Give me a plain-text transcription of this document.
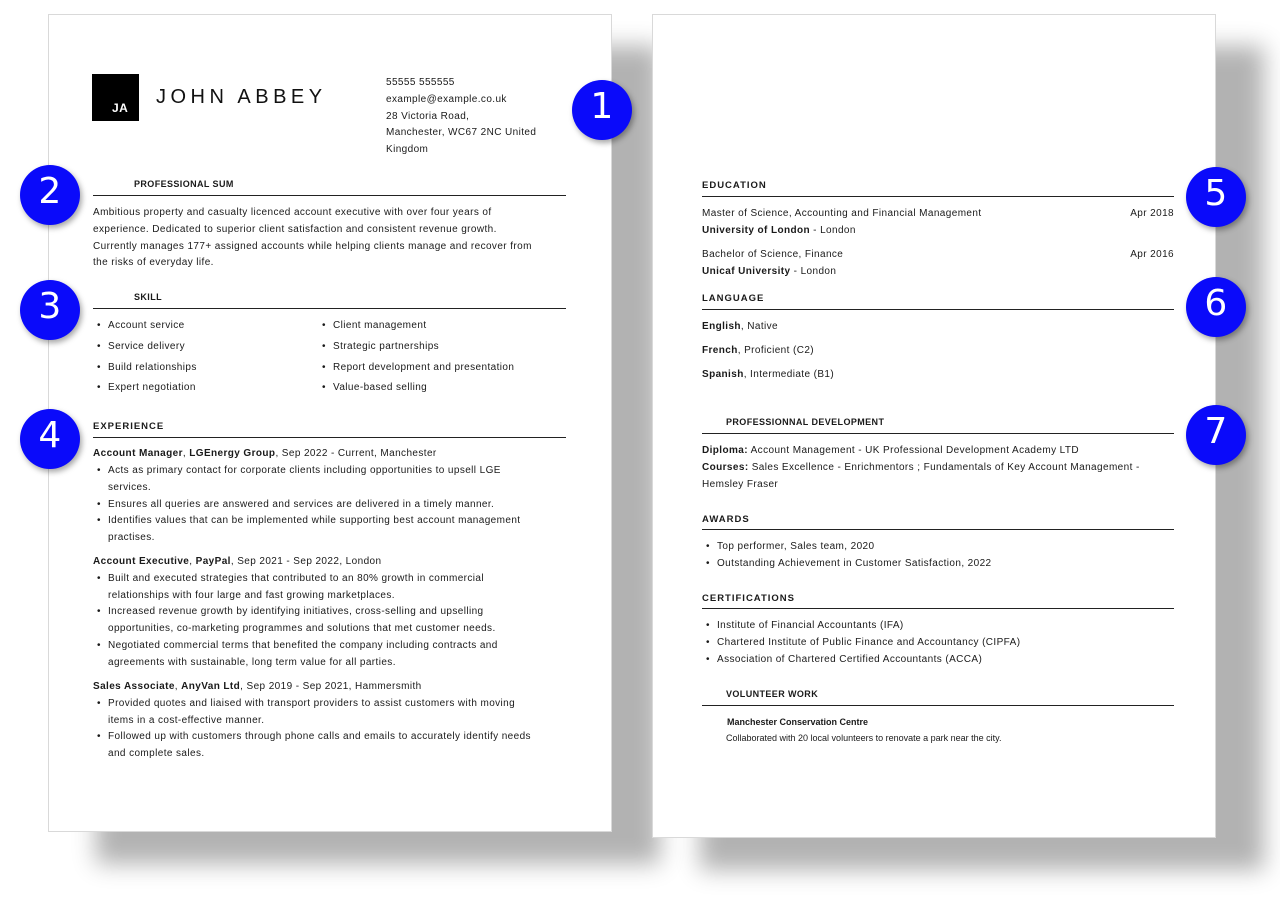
JA JOHN ABBEY
55555 555555
example@example.co.uk
28 Victoria Road,
Manchester, WC67 2NC United
Kingdom
PROFESSIONAL SUM
Ambitious property and casualty licenced account executive with over four years of
experience. Dedicated to superior client satisfaction and consistent revenue growth.
Currently manages 177+ assigned accounts while helping clients manage and recover from
the risks of everyday life.
SKILL
• Account service
• Service delivery
• Build relationships
• Expert negotiation
• Client management
• Strategic partnerships
• Report development and presentation
• Value-based selling
EXPERIENCE
Account Manager, LGEnergy Group, Sep 2022 - Current, Manchester
• Acts as primary contact for corporate clients including opportunities to upsell LGE
services.
• Ensures all queries are answered and services are delivered in a timely manner.
• Identifies values that can be implemented while supporting best account management
practises.
Account Executive, PayPal, Sep 2021 - Sep 2022, London
• Built and executed strategies that contributed to an 80% growth in commercial
relationships with four large and fast growing marketplaces.
• Increased revenue growth by identifying initiatives, cross-selling and upselling
opportunities, co-marketing programmes and solutions that met customer needs.
• Negotiated commercial terms that benefited the company including contracts and
agreements with sustainable, long term value for all parties.
Sales Associate, AnyVan Ltd, Sep 2019 - Sep 2021, Hammersmith
• Provided quotes and liaised with transport providers to assist customers with moving
items in a cost-effective manner.
• Followed up with customers through phone calls and emails to accurately identify needs
and complete sales.
EDUCATION
Master of Science, Accounting and Financial Management	Apr 2018
University of London - London
Bachelor of Science, Finance	Apr 2016
Unicaf University - London
LANGUAGE
English, Native
French, Proficient (C2)
Spanish, Intermediate (B1)
PROFESSIONNAL DEVELOPMENT
Diploma: Account Management - UK Professional Development Academy LTD
Courses: Sales Excellence - Enrichmentors ; Fundamentals of Key Account Management -
Hemsley Fraser
AWARDS
• Top performer, Sales team, 2020
• Outstanding Achievement in Customer Satisfaction, 2022
CERTIFICATIONS
• Institute of Financial Accountants (IFA)
• Chartered Institute of Public Finance and Accountancy (CIPFA)
• Association of Chartered Certified Accountants (ACCA)
VOLUNTEER WORK
Manchester Conservation Centre
Collaborated with 20 local volunteers to renovate a park near the city.
1
2
3
4
5
6
7
